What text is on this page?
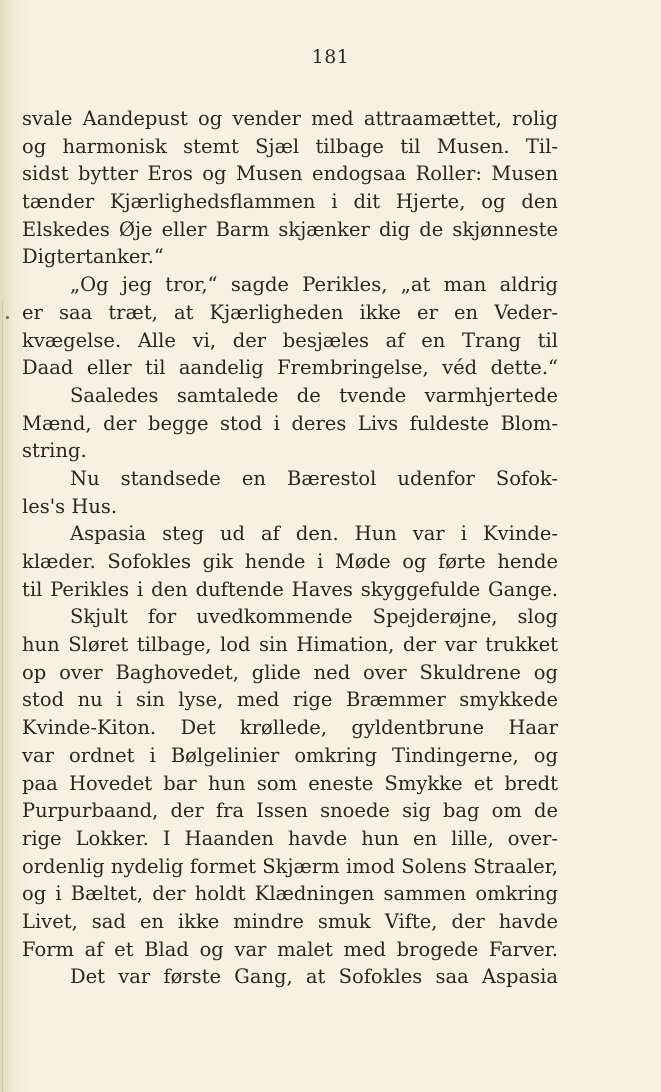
181
svale Aandepust og vender med attraamættet, rolig
og harmonisk stemt Sjæl tilbage til Musen. Til-
sidst bytter Eros og Musen endogsaa Roller: Musen
tænder Kjærlighedsflammen i dit Hjerte, og den
Elskedes Øje eller Barm skjænker dig de skjønneste
Digtertanker.“
„Og jeg tror,“ sagde Perikles, „at man aldrig
er saa træt, at Kjærligheden ikke er en Veder-
kvægelse. Alle vi, der besjæles af en Trang til
Daad eller til aandelig Frembringelse, véd dette.“
Saaledes samtalede de tvende varmhjertede
Mænd, der begge stod i deres Livs fuldeste Blom-
string.
Nu standsede en Bærestol udenfor Sofok-
les's Hus.
Aspasia steg ud af den. Hun var i Kvinde-
klæder. Sofokles gik hende i Møde og førte hende
til Perikles i den duftende Haves skyggefulde Gange.
Skjult for uvedkommende Spejderøjne, slog
hun Sløret tilbage, lod sin Himation, der var trukket
op over Baghovedet, glide ned over Skuldrene og
stod nu i sin lyse, med rige Bræmmer smykkede
Kvinde-Kiton. Det krøllede, gyldentbrune Haar
var ordnet i Bølgelinier omkring Tindingerne, og
paa Hovedet bar hun som eneste Smykke et bredt
Purpurbaand, der fra Issen snoede sig bag om de
rige Lokker. I Haanden havde hun en lille, over-
ordenlig nydelig formet Skjærm imod Solens Straaler,
og i Bæltet, der holdt Klædningen sammen omkring
Livet, sad en ikke mindre smuk Vifte, der havde
Form af et Blad og var malet med brogede Farver.
Det var første Gang, at Sofokles saa Aspasia
